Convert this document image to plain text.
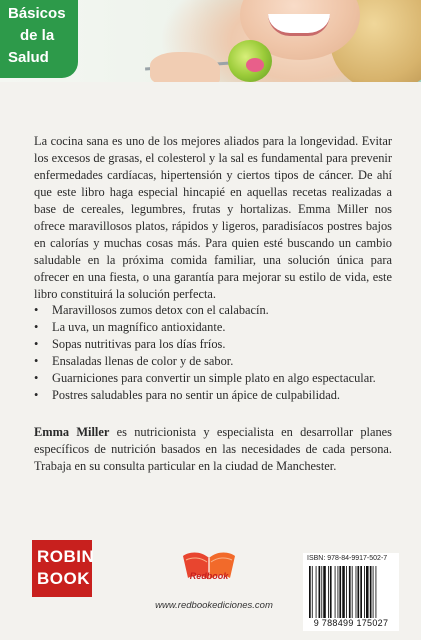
Básicos
de la
Salud

La cocina sana es uno de los mejores aliados para la longevidad. Evitar los excesos de grasas, el colesterol y la sal es fundamental para prevenir enfermedades cardíacas, hipertensión y ciertos tipos de cáncer. De ahí que este libro haga especial hincapié en aquellas recetas realizadas a base de cereales, legumbres, frutas y hortalizas. Emma Miller nos ofrece maravillosos platos, rápidos y ligeros, paradisíacos postres bajos en calorías y muchas cosas más. Para quien esté buscando un cambio saludable en la próxima comida familiar, una solución única para ofrecer en una fiesta, o una garantía para mejorar su estilo de vida, este libro constituirá la solución perfecta.

• Maravillosos zumos detox con el calabacín.
• La uva, un magnífico antioxidante.
• Sopas nutritivas para los días fríos.
• Ensaladas llenas de color y de sabor.
• Guarniciones para convertir un simple plato en algo espectacular.
• Postres saludables para no sentir un ápice de culpabilidad.

Emma Miller es nutricionista y especialista en desarrollar planes específicos de nutrición basados en las necesidades de cada persona. Trabaja en su consulta particular en la ciudad de Manchester.

ROBIN
BOOK	Redbook
www.redbookediciones.com
ISBN: 978-84-9917-502-7
9 788499 175027
